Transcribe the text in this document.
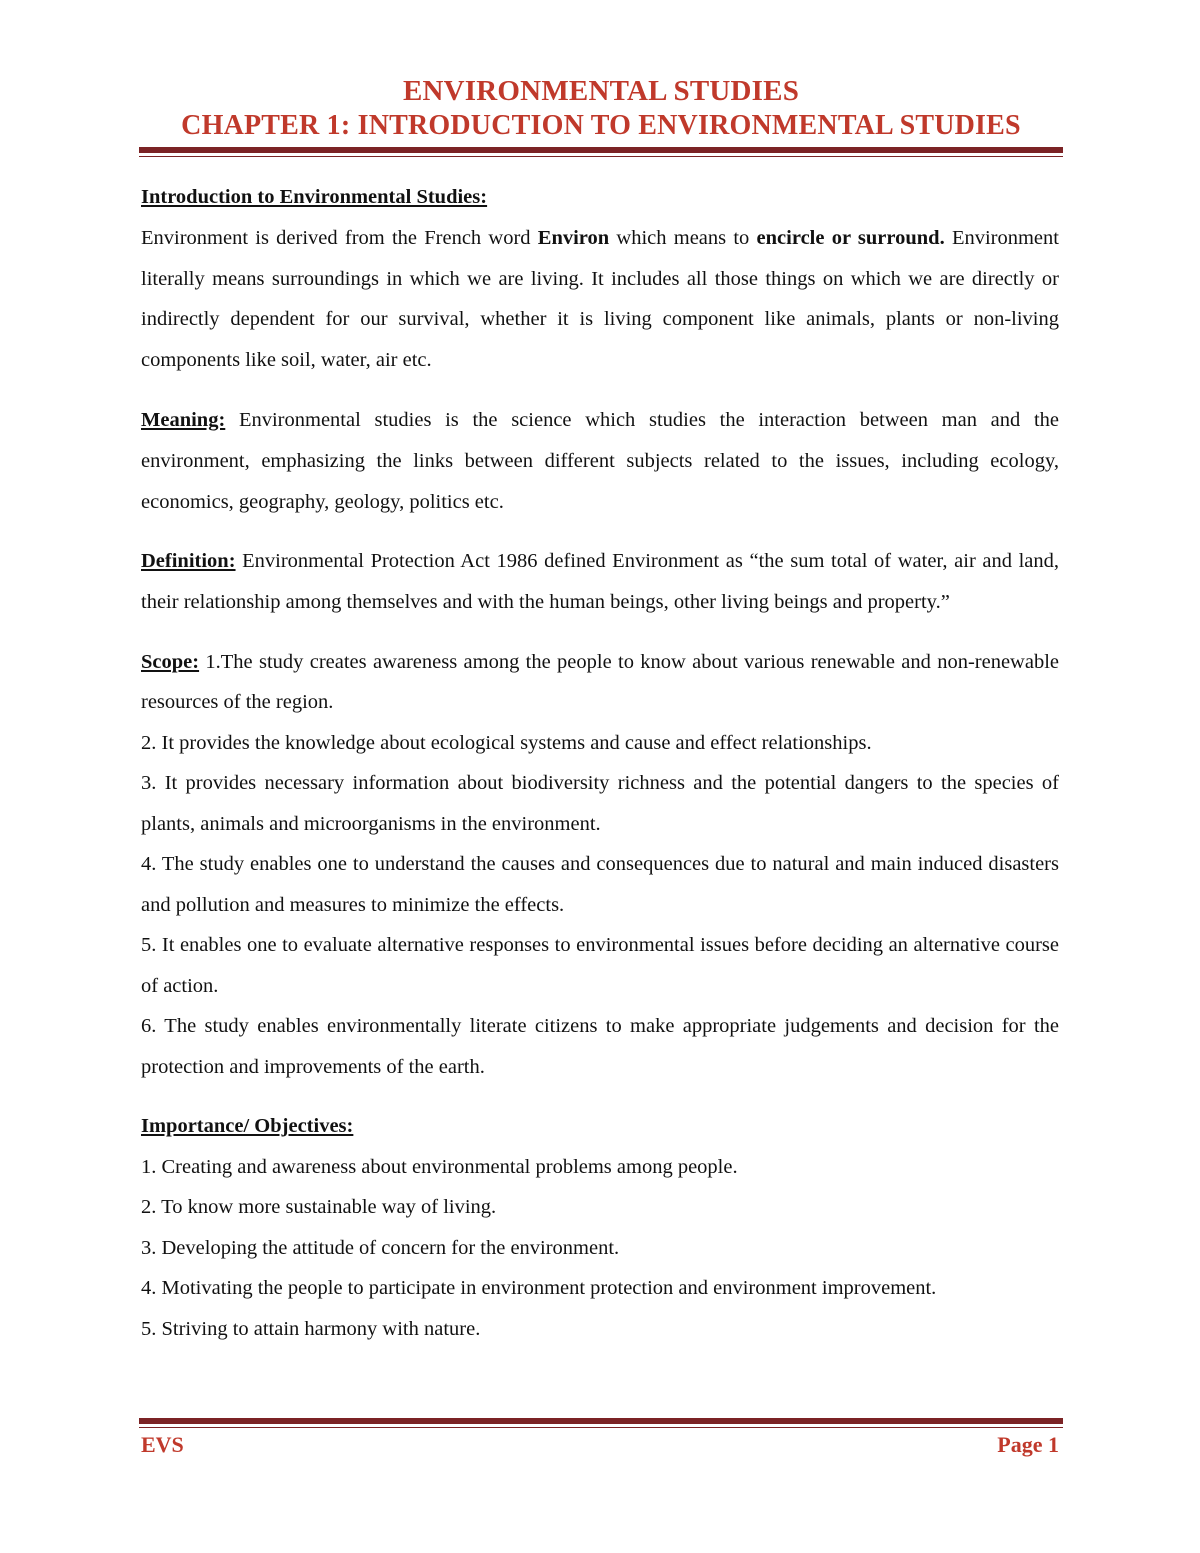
ENVIRONMENTAL STUDIES
CHAPTER 1: INTRODUCTION TO ENVIRONMENTAL STUDIES

Introduction to Environmental Studies:
Environment is derived from the French word Environ which means to encircle or surround. Environment literally means surroundings in which we are living. It includes all those things on which we are directly or indirectly dependent for our survival, whether it is living component like animals, plants or non-living components like soil, water, air etc.

Meaning: Environmental studies is the science which studies the interaction between man and the environment, emphasizing the links between different subjects related to the issues, including ecology, economics, geography, geology, politics etc.

Definition: Environmental Protection Act 1986 defined Environment as “the sum total of water, air and land, their relationship among themselves and with the human beings, other living beings and property.”

Scope: 1.The study creates awareness among the people to know about various renewable and non-renewable resources of the region.

2. It provides the knowledge about ecological systems and cause and effect relationships.

3. It provides necessary information about biodiversity richness and the potential dangers to the species of plants, animals and microorganisms in the environment.

4. The study enables one to understand the causes and consequences due to natural and main induced disasters and pollution and measures to minimize the effects.

5. It enables one to evaluate alternative responses to environmental issues before deciding an alternative course of action.

6. The study enables environmentally literate citizens to make appropriate judgements and decision for the protection and improvements of the earth.

Importance/ Objectives:

1. Creating and awareness about environmental problems among people.

2. To know more sustainable way of living.

3. Developing the attitude of concern for the environment.

4. Motivating the people to participate in environment protection and environment improvement.

5. Striving to attain harmony with nature.

EVS	Page 1
